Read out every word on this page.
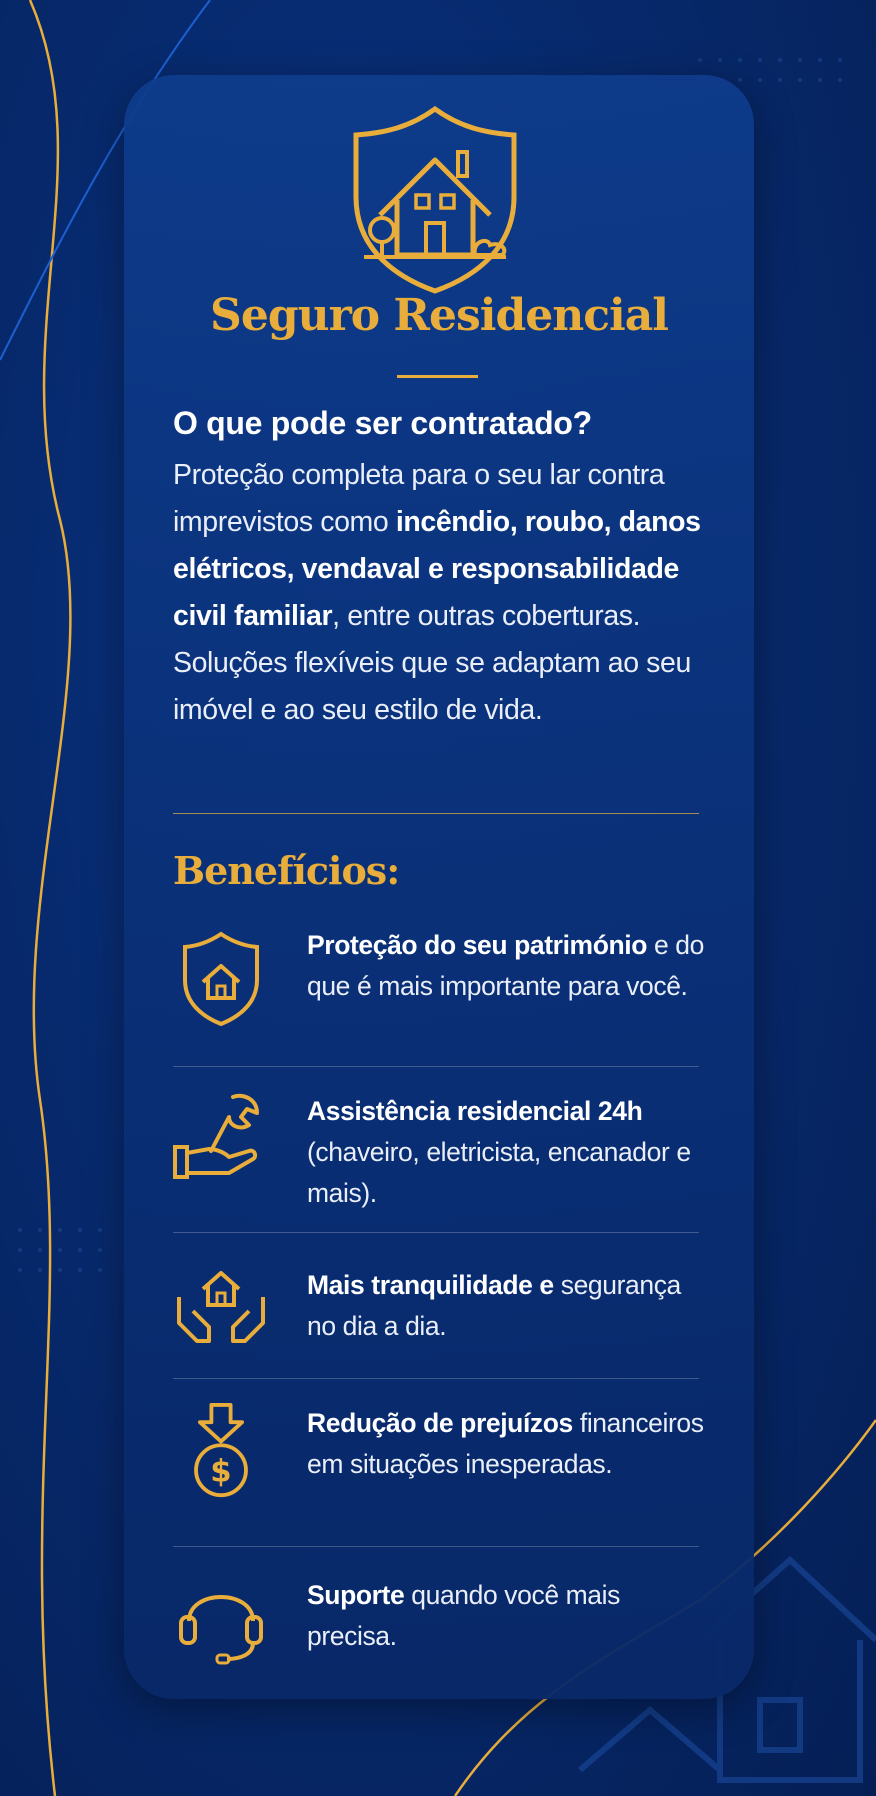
Seguro Residencial
O que pode ser contratado?
Proteção completa para o seu lar contra imprevistos como incêndio, roubo, danos elétricos, vendaval e responsabilidade civil familiar, entre outras coberturas. Soluções flexíveis que se adaptam ao seu imóvel e ao seu estilo de vida.
Benefícios:
Proteção do seu património e do que é mais importante para você.
Assistência residencial 24h (chaveiro, eletricista, encanador e mais).
Mais tranquilidade e segurança no dia a dia.
$
Redução de prejuízos financeiros em situações inesperadas.
Suporte quando você mais precisa.
